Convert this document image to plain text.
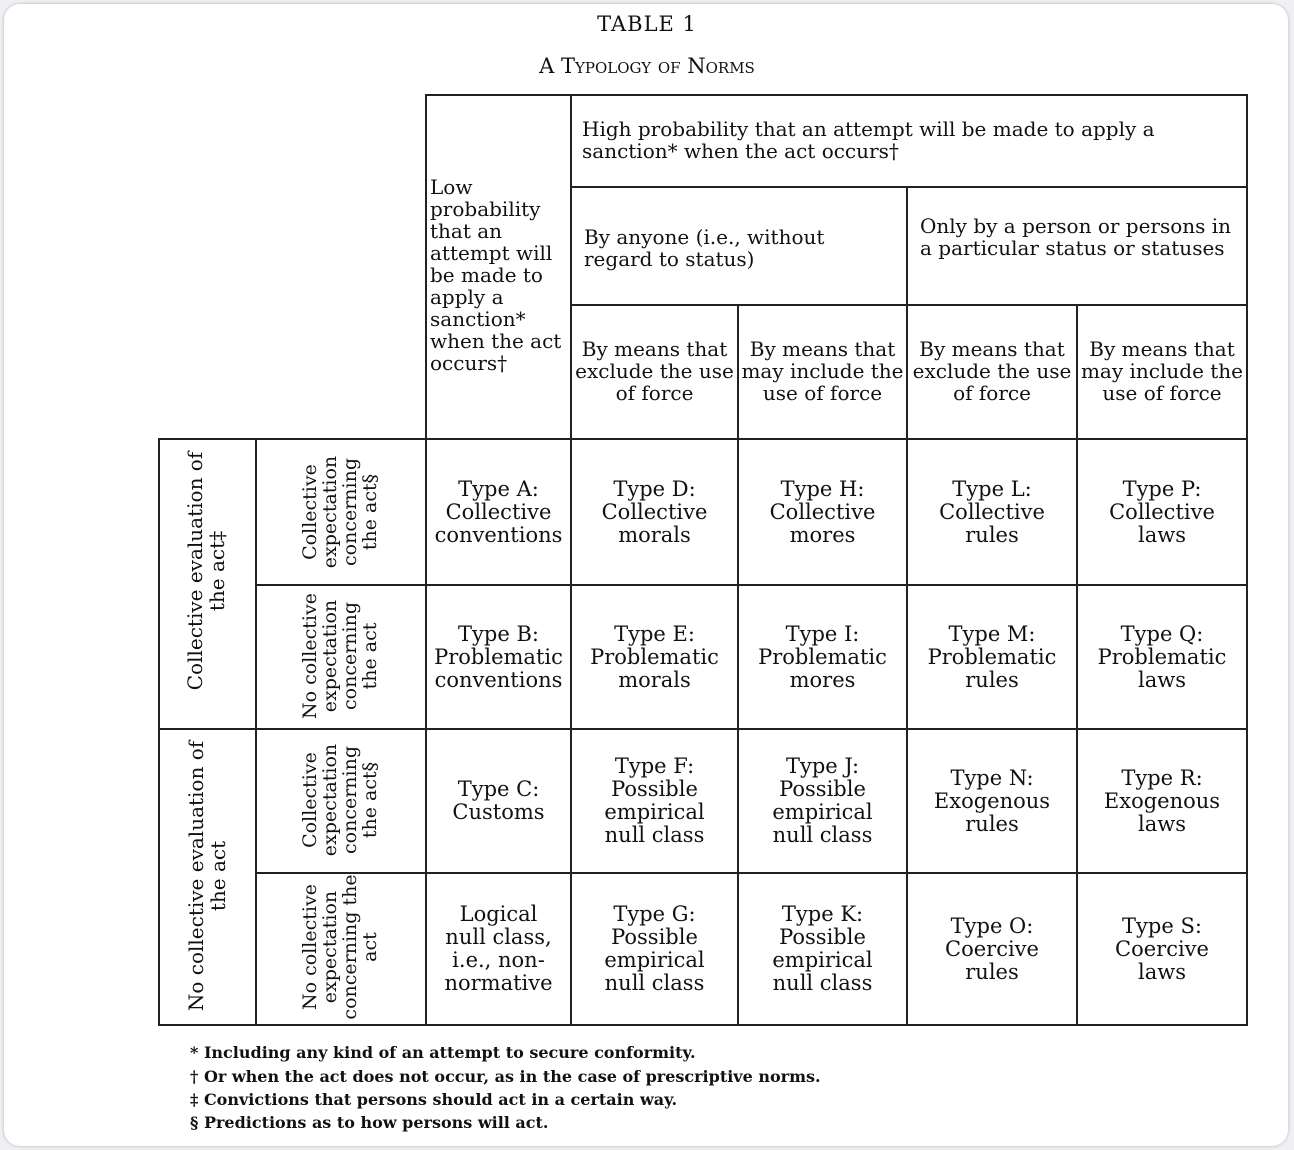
TABLE 1
A Typology of Norms
Low probability that an attempt will be made to apply a sanction* when the act occurs†
High probability that an attempt will be made to apply a sanction* when the act occurs†
By anyone (i.e., without regard to status)
Only by a person or persons in a particular status or statuses
By means that exclude the use of force
By means that may include the use of force
By means that exclude the use of force
By means that may include the use of force
Collective evaluation of the act‡
No collective evaluation of the act
Collective expectation concerning the act§
No collective expectation concerning the act
Collective expectation concerning the act§
No collective expectation concerning the act
Type A: Collective conventions
Type D: Collective morals
Type H: Collective mores
Type L: Collective rules
Type P: Collective laws
Type B: Problematic conventions
Type E: Problematic morals
Type I: Problematic mores
Type M: Problematic rules
Type Q: Problematic laws
Type C: Customs
Type F: Possible empirical null class
Type J: Possible empirical null class
Type N: Exogenous rules
Type R: Exogenous laws
Logical null class, i.e., non-normative
Type G: Possible empirical null class
Type K: Possible empirical null class
Type O: Coercive rules
Type S: Coercive laws
* Including any kind of an attempt to secure conformity.
† Or when the act does not occur, as in the case of prescriptive norms.
‡ Convictions that persons should act in a certain way.
§ Predictions as to how persons will act.
